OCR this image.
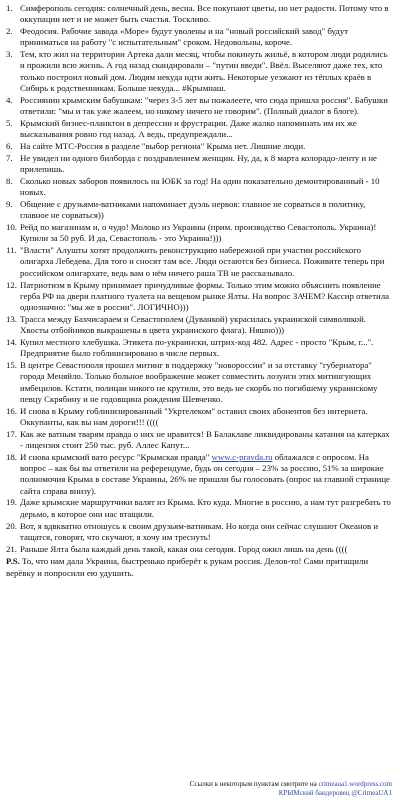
1. Симферополь сегодня: солнечный день, весна. Все покупают цветы, но нет радости. Потому что в оккупации нет и не может быть счастья. Тоскливо.
2. Феодосия. Рабочие завода «Море» будут уволены и на "новый российский завод" будут приниматься на работу "с испытательным" сроком. Недовольны, короче.
3. Тем, кто жил на территории Артека дали месяц, чтобы покинуть жильё, в котором люди родились и прожили всю жизнь. А год назад скандировали – "путин введи". Ввёл. Выселяют даже тех, кто только построил новый дом. Людям некуда идти жить. Некоторые уезжают из тёплых краёв в Сибирь к родственникам. Больше некуда... #Крымнаш.
4. Россиянин крымским бабушкам: "через 3-5 лет вы пожалеете, что сюда пришла россия". Бабушки ответили: "мы и так уже жалеем, но никому ничего не говорим". (Полный диалог в блоге).
5. Крымский бизнес-планктон в депрессии и фрустрации. Даже жалко напоминать им их же высказывания ровно год назад. А ведь, предупреждали...
6. На сайте МТС-Россия в разделе "выбор региона" Крыма нет. Лишние люди.
7. Не увидел ни одного билборда с поздравлением женщин. Ну, да, к 8 марта колорадо-ленту и не прилепишь.
8. Сколько новых заборов появилось на ЮБК за год! На один показательно демонтированный - 10 новых.
9. Общение с друзьями-ватниками напоминает дуэль нервов: главное не сорваться в политику, главное не сорваться))
10. Рейд по магазинам и, о чудо! Молоко из Украины (прим. производство Севастополь. Украина)! Купили за 50 руб. И да, Севастополь - это Украина!)))
11. "Власти" Алушты хотят продолжить реконструкцию набережной при участии российского олигарха Лебедева. Для того и сносят там все. Люди остаются без бизнеса. Поживите теперь при российском олигархате, ведь вам о нём ничего раша ТВ не рассказывало.
12. Патриотизм в Крыму принимает причудливые формы. Только этим можно объяснить появление герба РФ на двери платного туалета на вещевом рынке Ялты. На вопрос ЗАЧЕМ? Кассир ответила однозначно: "мы же в россии". ЛОГИЧНО)))
13. Трасса между Бахчисараем и Севастополем (Дуванкой) украсилась украинской символикой. Хвосты отбойников выкрашены в цвета украинского флага). Няшно)))
14. Купил местного хлебушка. Этикета по-украински, штрих-код 482. Адрес - просто "Крым, г...". Предприятие было гоблинизировано в числе первых.
15. В центре Севастополя прошел митинг в поддержку "новороссии" и за отставку "губернатора" города Меняйло. Только больное воображение может совместить лозунги этих митингующих имбецилов. Кстати, полицаи никого не крутили, это ведь не скорбь по погибшему украинскому певцу Скрябину и не годовщина рождения Шевченко.
16. И снова в Крыму гоблинизированный "Укртелеком" оставил своих абонентов без интернета. Оккупанты, как вы нам дороги!!! ((((
17. Как же ватным тварям правда о них не нравится! В Балаклаве ликвидированы катания на катерках - лицензия стоит 250 тыс. руб. Аллес Капут...
18. И снова крымский вато ресурс "Крымская правда" www.c-pravda.ru облажался с опросом. На вопрос – как бы вы ответили на референдуме, будь он сегодня – 23% за россию, 51% за широкие полномочия Крыма в составе Украины, 26% не пришли бы голосовать (опрос на главной странице сайта справа внизу).
19. Даже крымские маршрутчики валят из Крыма. Кто куда. Многие в россию, а нам тут разгребать то дерьмо, в которое они нас втащили.
20. Вот, я вдвкватно отношусь к своим друзьям-ватникам. Но когда они сейчас слушают Океанов и тащатся, говорят, что скучают, я хочу им треснуть!
21. Раньше Ялта была каждый день такой, какая она сегодня. Город ожил лишь на день ((((

P.S. То, что нам дала Украина, быстренько приберёт к рукам россия. Делов-то! Сами притащили верёвку и попросили ею удушить.

Ссылки к некоторым пунктам смотрите на crimeaua1.wordpress.com
КРЫМский бандеровец @CrimeaUA1
